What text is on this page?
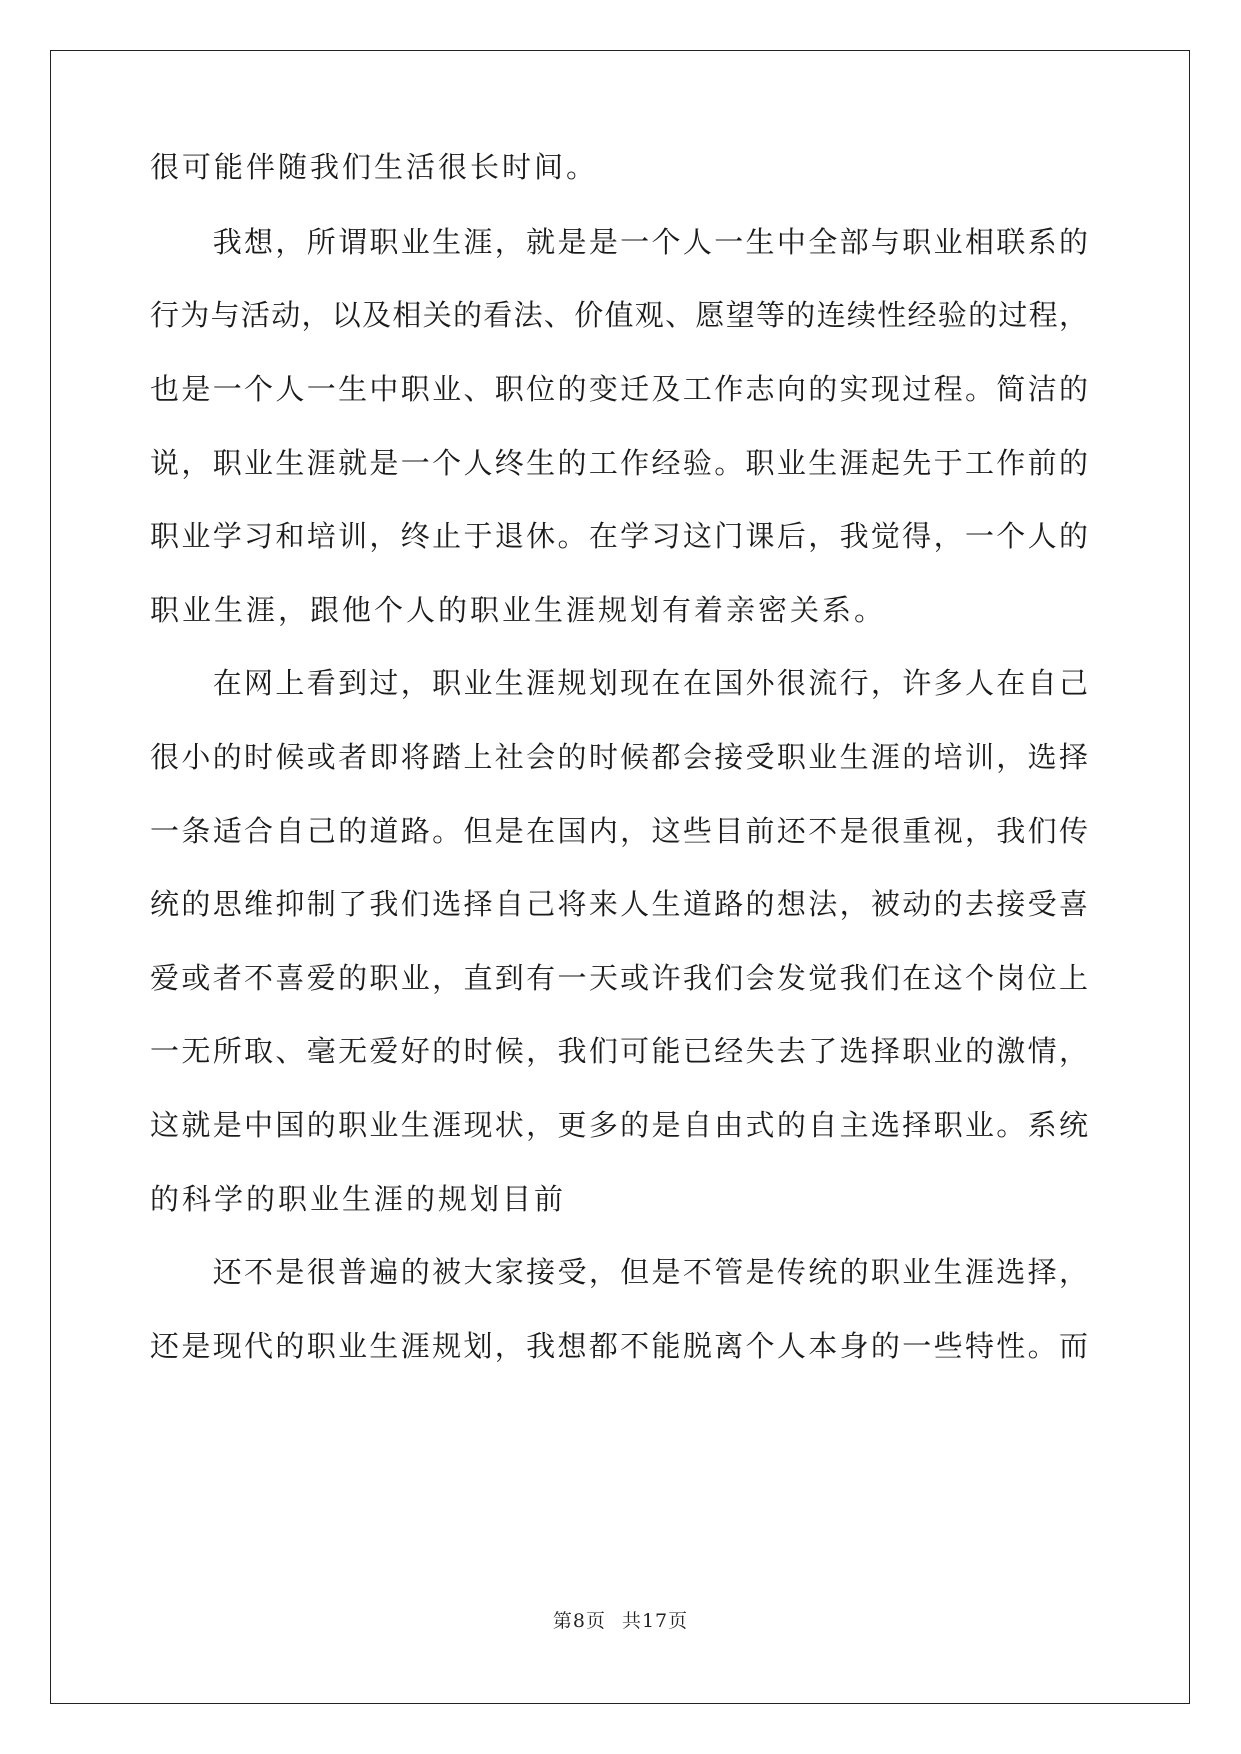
很可能伴随我们生活很长时间。
　　我想，所谓职业生涯，就是是一个人一生中全部与职业相联系的
行为与活动，以及相关的看法、价值观、愿望等的连续性经验的过程，
也是一个人一生中职业、职位的变迁及工作志向的实现过程。简洁的
说，职业生涯就是一个人终生的工作经验。职业生涯起先于工作前的
职业学习和培训，终止于退休。在学习这门课后，我觉得，一个人的
职业生涯，跟他个人的职业生涯规划有着亲密关系。
　　在网上看到过，职业生涯规划现在在国外很流行，许多人在自己
很小的时候或者即将踏上社会的时候都会接受职业生涯的培训，选择
一条适合自己的道路。但是在国内，这些目前还不是很重视，我们传
统的思维抑制了我们选择自己将来人生道路的想法，被动的去接受喜
爱或者不喜爱的职业，直到有一天或许我们会发觉我们在这个岗位上
一无所取、毫无爱好的时候，我们可能已经失去了选择职业的激情，
这就是中国的职业生涯现状，更多的是自由式的自主选择职业。系统
的科学的职业生涯的规划目前
　　还不是很普遍的被大家接受，但是不管是传统的职业生涯选择，
还是现代的职业生涯规划，我想都不能脱离个人本身的一些特性。而
第8页 共17页
